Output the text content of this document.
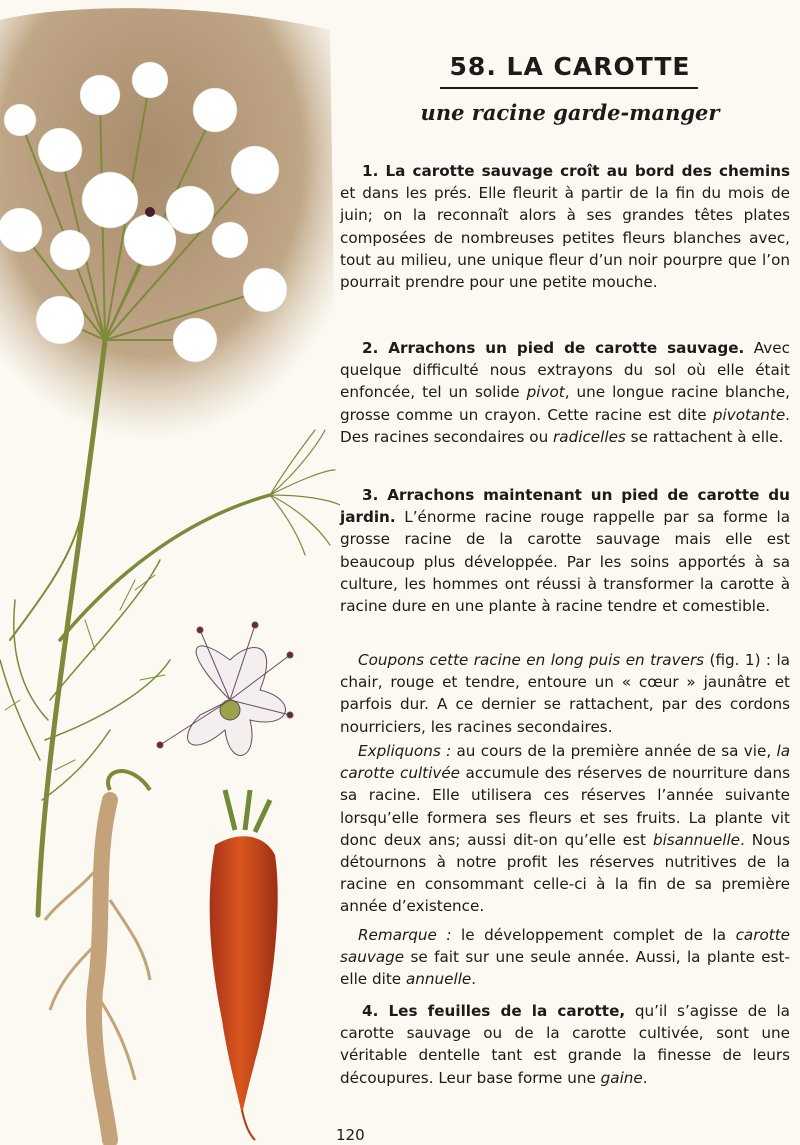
58. LA CAROTTE
une racine garde-manger

1. La carotte sauvage croît au bord des chemins et dans les prés. Elle fleurit à partir de la fin du mois de juin; on la reconnaît alors à ses grandes têtes plates composées de nombreuses petites fleurs blanches avec, tout au milieu, une unique fleur d’un noir pourpre que l’on pourrait prendre pour une petite mouche.

2. Arrachons un pied de carotte sauvage. Avec quelque difficulté nous extrayons du sol où elle était enfoncée, tel un solide pivot, une longue racine blanche, grosse comme un crayon. Cette racine est dite pivotante. Des racines secondaires ou radicelles se rattachent à elle.

3. Arrachons maintenant un pied de carotte du jardin. L’énorme racine rouge rappelle par sa forme la grosse racine de la carotte sauvage mais elle est beaucoup plus développée. Par les soins apportés à sa culture, les hommes ont réussi à transformer la carotte à racine dure en une plante à racine tendre et comestible.

Coupons cette racine en long puis en travers (fig. 1) : la chair, rouge et tendre, entoure un « cœur » jaunâtre et parfois dur. A ce dernier se rattachent, par des cordons nourriciers, les racines secondaires.

Expliquons : au cours de la première année de sa vie, la carotte cultivée accumule des réserves de nourriture dans sa racine. Elle utilisera ces réserves l’année suivante lorsqu’elle formera ses fleurs et ses fruits. La plante vit donc deux ans; aussi dit-on qu’elle est bisannuelle. Nous détournons à notre profit les réserves nutritives de la racine en consommant celle-ci à la fin de sa première année d’existence.

Remarque : le développement complet de la carotte sauvage se fait sur une seule année. Aussi, la plante est-elle dite annuelle.

4. Les feuilles de la carotte, qu’il s’agisse de la carotte sauvage ou de la carotte cultivée, sont une véritable dentelle tant est grande la finesse de leurs découpures. Leur base forme une gaine.

120
